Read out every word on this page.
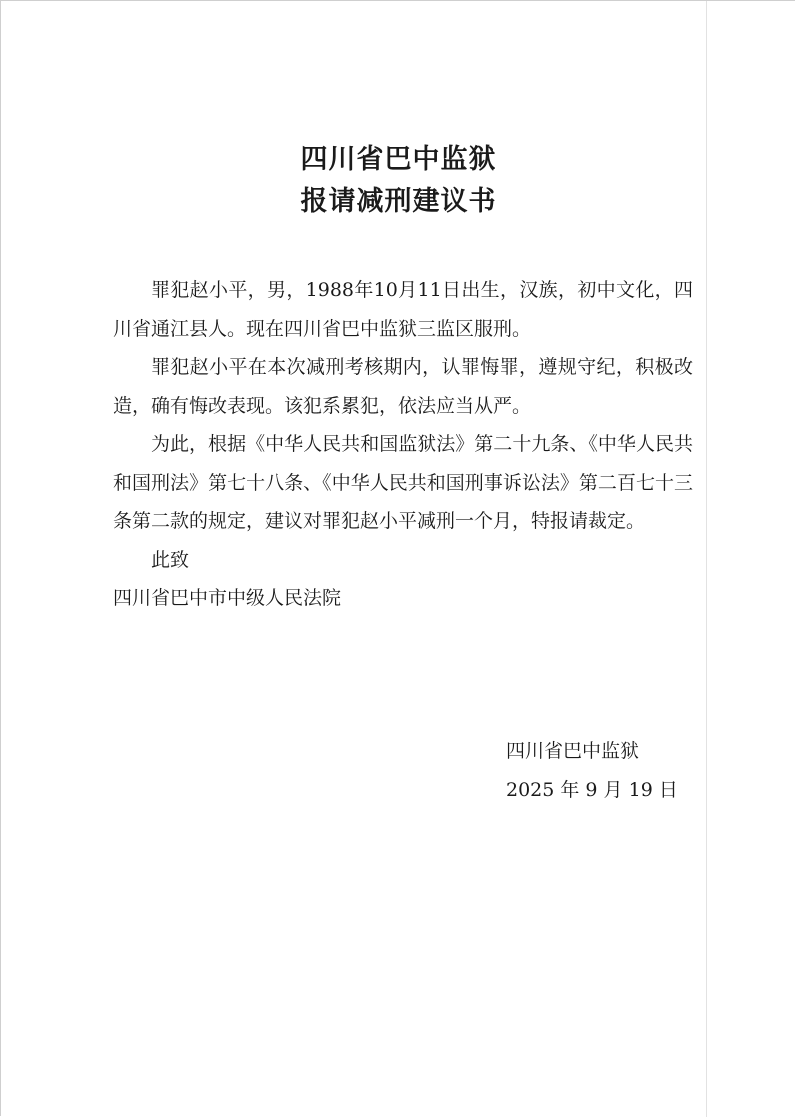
四川省巴中监狱
报请减刑建议书

罪犯赵小平，男，1988年10月11日出生，汉族，初中文化，四川省通江县人。现在四川省巴中监狱三监区服刑。

罪犯赵小平在本次减刑考核期内，认罪悔罪，遵规守纪，积极改造，确有悔改表现。该犯系累犯，依法应当从严。

为此，根据《中华人民共和国监狱法》第二十九条、《中华人民共和国刑法》第七十八条、《中华人民共和国刑事诉讼法》第二百七十三条第二款的规定，建议对罪犯赵小平减刑一个月，特报请裁定。

此致

四川省巴中市中级人民法院

四川省巴中监狱
2025 年 9 月 19 日
